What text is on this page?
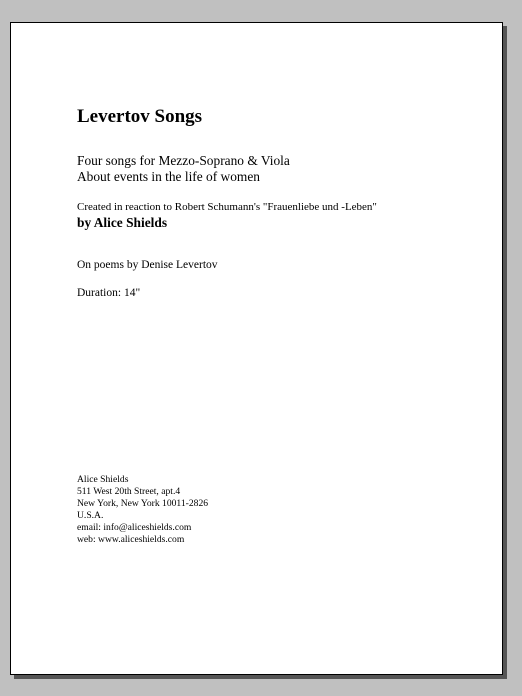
Levertov Songs
Four songs for Mezzo-Soprano & Viola
About events in the life of women
Created in reaction to Robert Schumann's "Frauenliebe und -Leben"
by Alice Shields
On poems by Denise Levertov
Duration: 14"
Alice Shields
511 West 20th Street, apt.4
New York, New York 10011-2826
U.S.A.
email: info@aliceshields.com
web: www.aliceshields.com
